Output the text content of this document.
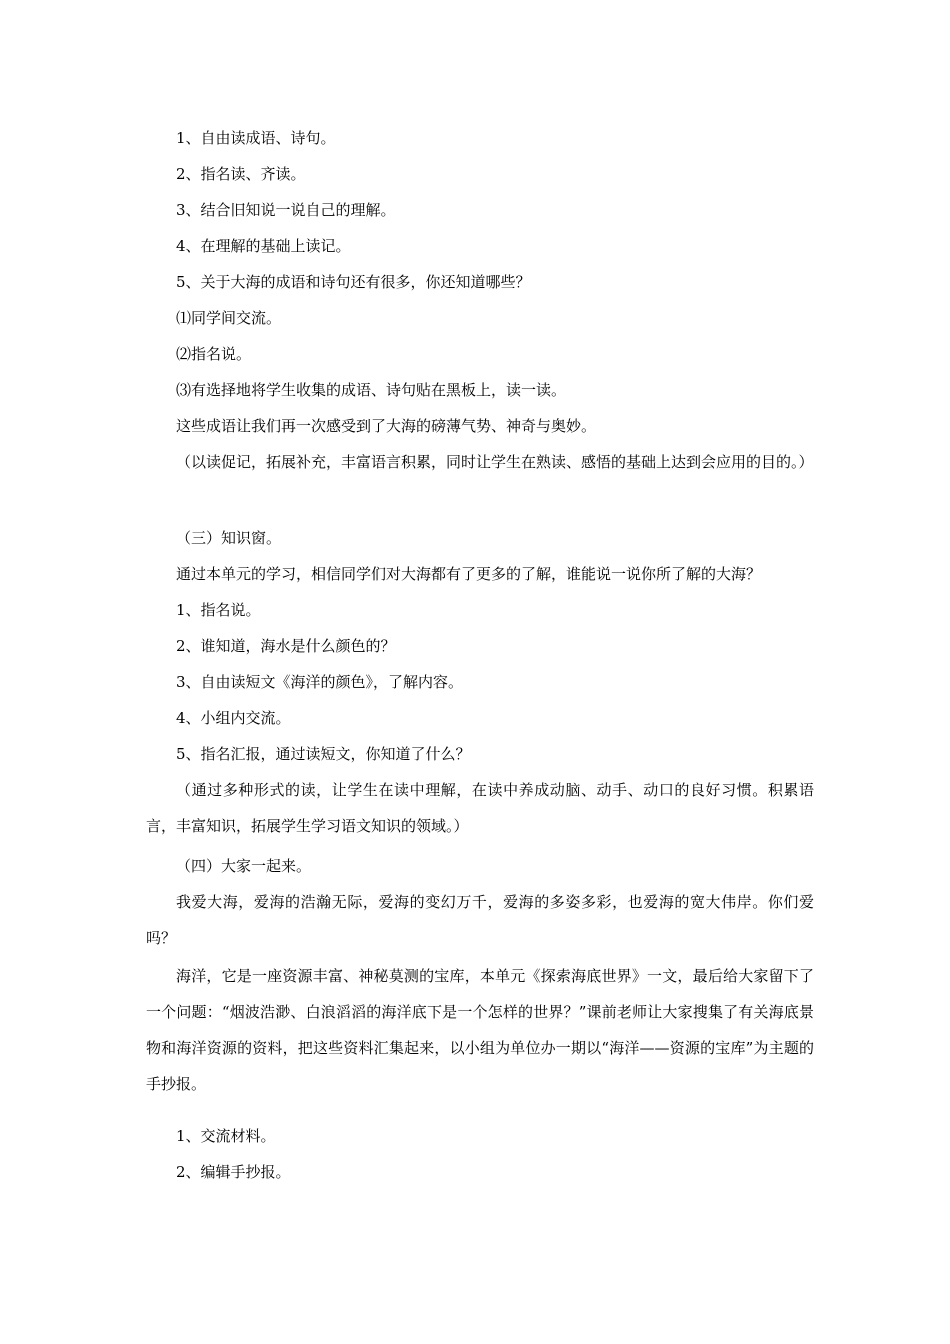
1、自由读成语、诗句。

2、指名读、齐读。

3、结合旧知说一说自己的理解。

4、在理解的基础上读记。

5、关于大海的成语和诗句还有很多，你还知道哪些？

⑴同学间交流。

⑵指名说。

⑶有选择地将学生收集的成语、诗句贴在黑板上，读一读。

这些成语让我们再一次感受到了大海的磅薄气势、神奇与奥妙。

（以读促记，拓展补充，丰富语言积累，同时让学生在熟读、感悟的基础上达到会应用的目的。）

（三）知识窗。

通过本单元的学习，相信同学们对大海都有了更多的了解，谁能说一说你所了解的大海？

1、指名说。

2、谁知道，海水是什么颜色的？

3、自由读短文《海洋的颜色》，了解内容。

4、小组内交流。

5、指名汇报，通过读短文，你知道了什么？

（通过多种形式的读，让学生在读中理解，在读中养成动脑、动手、动口的良好习惯。积累语言，丰富知识，拓展学生学习语文知识的领域。）

（四）大家一起来。

我爱大海，爱海的浩瀚无际，爱海的变幻万千，爱海的多姿多彩，也爱海的宽大伟岸。你们爱吗？

海洋，它是一座资源丰富、神秘莫测的宝库，本单元《探索海底世界》一文，最后给大家留下了一个问题：“烟波浩渺、白浪滔滔的海洋底下是一个怎样的世界？”课前老师让大家搜集了有关海底景物和海洋资源的资料，把这些资料汇集起来，以小组为单位办一期以“海洋——资源的宝库”为主题的手抄报。

1、交流材料。

2、编辑手抄报。
